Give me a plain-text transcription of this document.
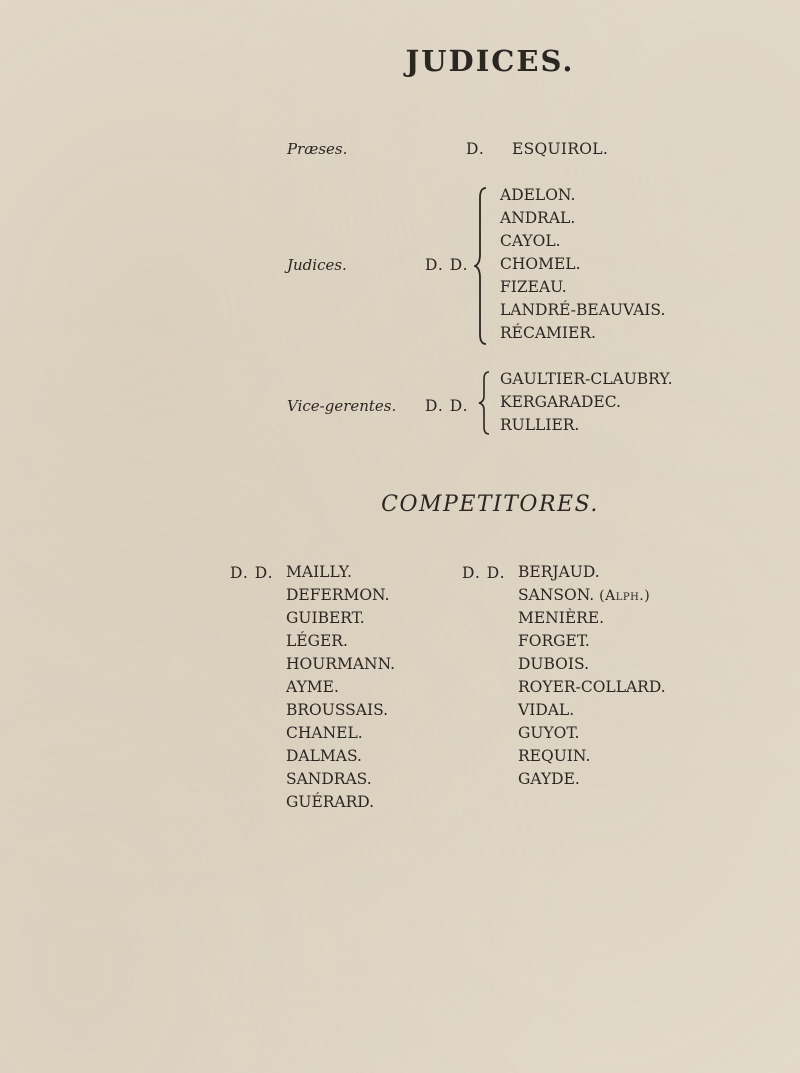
JUDICES.
Præses.	D. ESQUIROL.
Judices.	D. D.
ADELON.
ANDRAL.
CAYOL.
CHOMEL.
FIZEAU.
LANDRÉ-BEAUVAIS.
RÉCAMIER.
Vice-gerentes. D. D.
GAULTIER-CLAUBRY.
KERGARADEC.
RULLIER.
COMPETITORES.
D. D. MAILLY.
DEFERMON.
GUIBERT.
LÉGER.
HOURMANN.
AYME.
BROUSSAIS.
CHANEL.
DALMAS.
SANDRAS.
GUÉRARD.
D. D. BERJAUD.
SANSON. (Alph.)
MENIÈRE.
FORGET.
DUBOIS.
ROYER-COLLARD.
VIDAL.
GUYOT.
REQUIN.
GAYDE.
